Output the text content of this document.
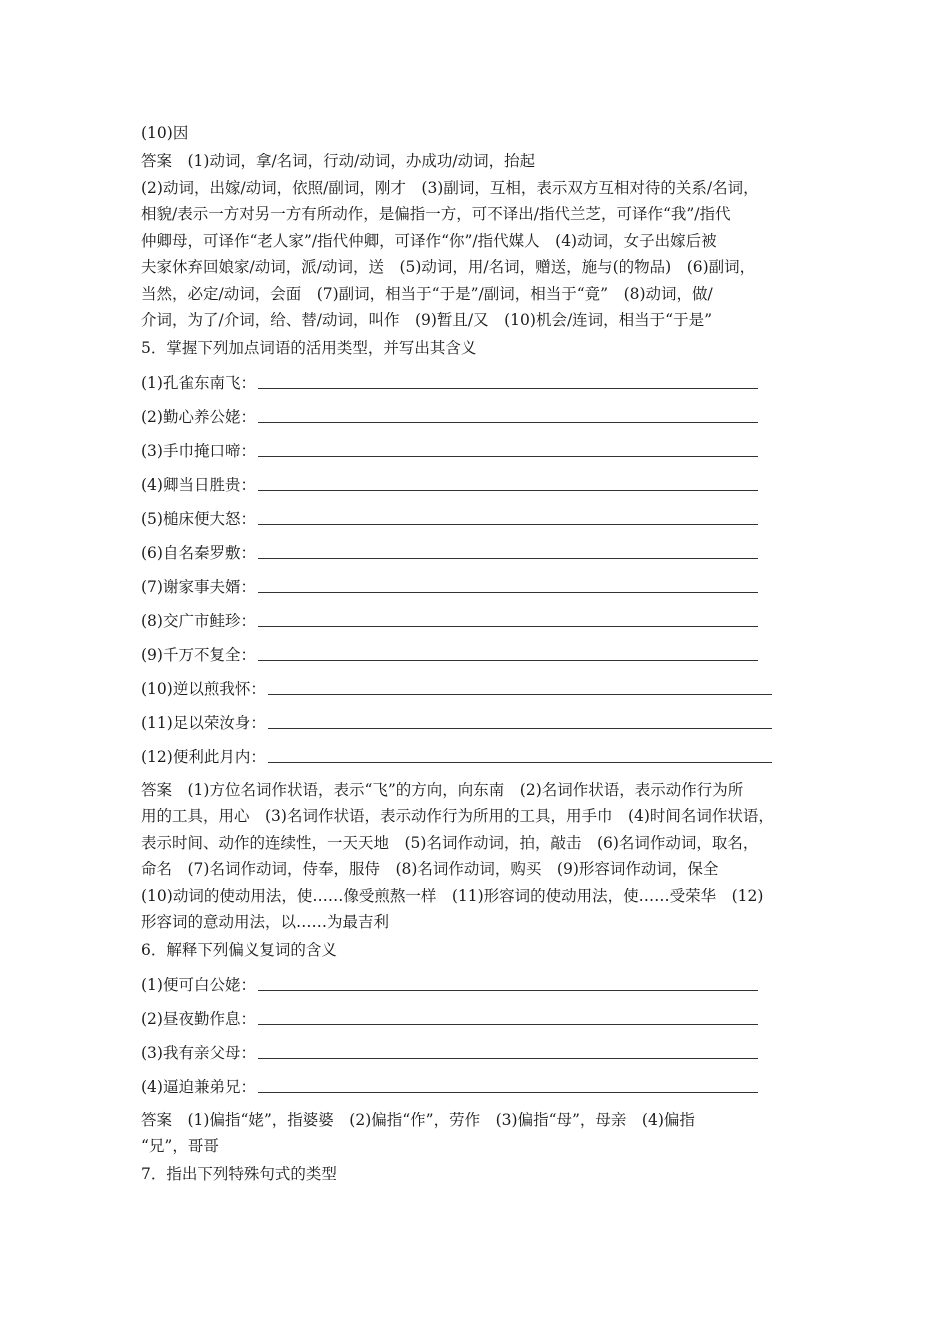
(10)因
答案　(1)动词，拿/名词，行动/动词，办成功/动词，抬起
(2)动词，出嫁/动词，依照/副词，刚才　(3)副词，互相，表示双方互相对待的关系/名词，
相貌/表示一方对另一方有所动作，是偏指一方，可不译出/指代兰芝，可译作“我”/指代
仲卿母，可译作“老人家”/指代仲卿，可译作“你”/指代媒人　(4)动词，女子出嫁后被
夫家休弃回娘家/动词，派/动词，送　(5)动词，用/名词，赠送，施与(的物品)　(6)副词，
当然，必定/动词，会面　(7)副词，相当于“于是”/副词，相当于“竟”　(8)动词，做/
介词，为了/介词，给、替/动词，叫作　(9)暂且/又　(10)机会/连词，相当于“于是”
5．掌握下列加点词语的活用类型，并写出其含义
(1)孔雀东南飞：
(2)勤心养公姥：
(3)手巾掩口啼：
(4)卿当日胜贵：
(5)槌床便大怒：
(6)自名秦罗敷：
(7)谢家事夫婿：
(8)交广市鲑珍：
(9)千万不复全：
(10)逆以煎我怀：
(11)足以荣汝身：
(12)便利此月内：
答案　(1)方位名词作状语，表示“飞”的方向，向东南　(2)名词作状语，表示动作行为所
用的工具，用心　(3)名词作状语，表示动作行为所用的工具，用手巾　(4)时间名词作状语，
表示时间、动作的连续性，一天天地　(5)名词作动词，拍，敲击　(6)名词作动词，取名，
命名　(7)名词作动词，侍奉，服侍　(8)名词作动词，购买　(9)形容词作动词，保全
(10)动词的使动用法，使……像受煎熬一样　(11)形容词的使动用法，使……受荣华　(12)
形容词的意动用法，以……为最吉利
6．解释下列偏义复词的含义
(1)便可白公姥：
(2)昼夜勤作息：
(3)我有亲父母：
(4)逼迫兼弟兄：
答案　(1)偏指“姥”，指婆婆　(2)偏指“作”，劳作　(3)偏指“母”，母亲　(4)偏指
“兄”，哥哥
7．指出下列特殊句式的类型
